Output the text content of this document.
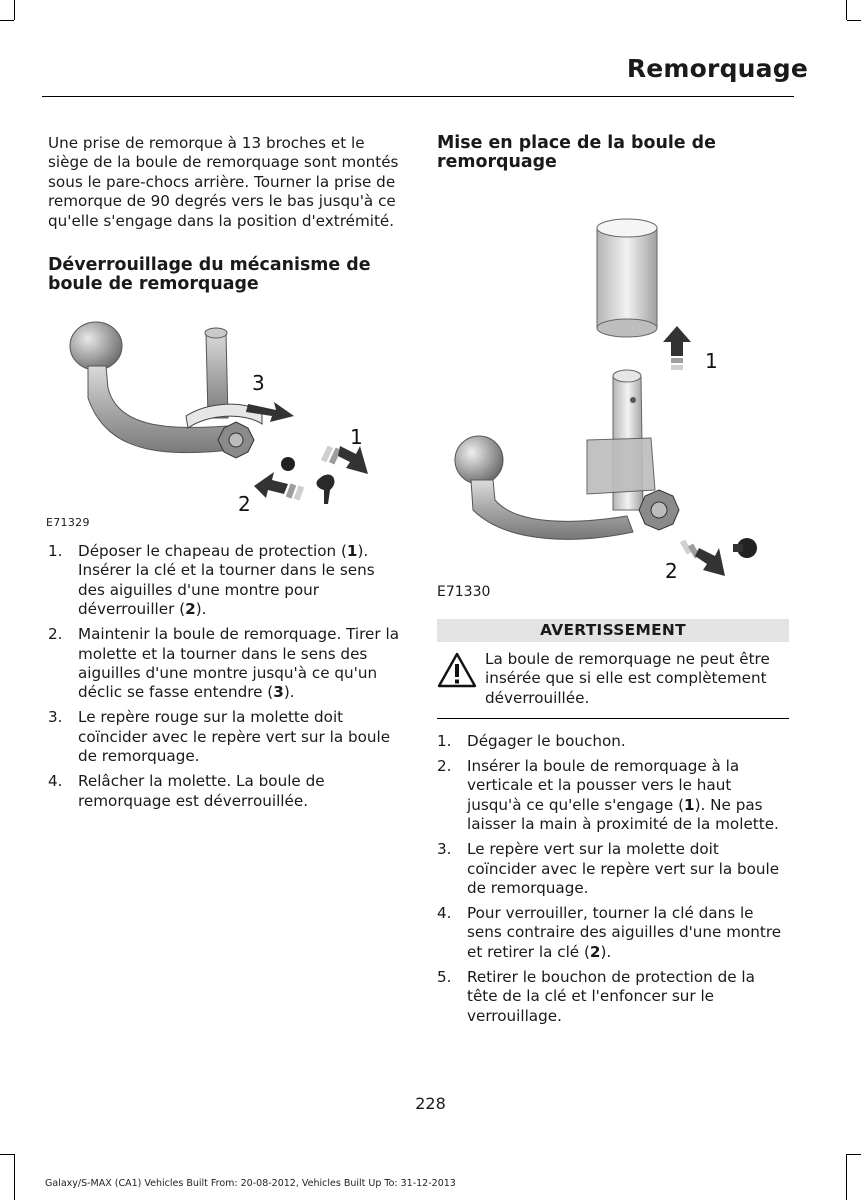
Remorquage

Une prise de remorque à 13 broches et le siège de la boule de remorquage sont montés sous le pare-chocs arrière. Tourner la prise de remorque de 90 degrés vers le bas jusqu'à ce qu'elle s'engage dans la position d'extrémité.

Déverrouillage du mécanisme de
boule de remorquage
3
1
2
E71329
1. Déposer le chapeau de protection (1). Insérer la clé et la tourner dans le sens des aiguilles d'une montre pour déverrouiller (2).
2. Maintenir la boule de remorquage. Tirer la molette et la tourner dans le sens des aiguilles d'une montre jusqu'à ce qu'un déclic se fasse entendre (3).
3. Le repère rouge sur la molette doit coïncider avec le repère vert sur la boule de remorquage.
4. Relâcher la molette. La boule de remorquage est déverrouillée.
Mise en place de la boule de
remorquage
1
2
E71330
AVERTISSEMENT
La boule de remorquage ne peut être insérée que si elle est complètement déverrouillée.
1. Dégager le bouchon.
2. Insérer la boule de remorquage à la verticale et la pousser vers le haut jusqu'à ce qu'elle s'engage (1). Ne pas laisser la main à proximité de la molette.
3. Le repère vert sur la molette doit coïncider avec le repère vert sur la boule de remorquage.
4. Pour verrouiller, tourner la clé dans le sens contraire des aiguilles d'une montre et retirer la clé (2).
5. Retirer le bouchon de protection de la tête de la clé et l'enfoncer sur le verrouillage.
228
Galaxy/S-MAX (CA1) Vehicles Built From: 20-08-2012, Vehicles Built Up To: 31-12-2013
